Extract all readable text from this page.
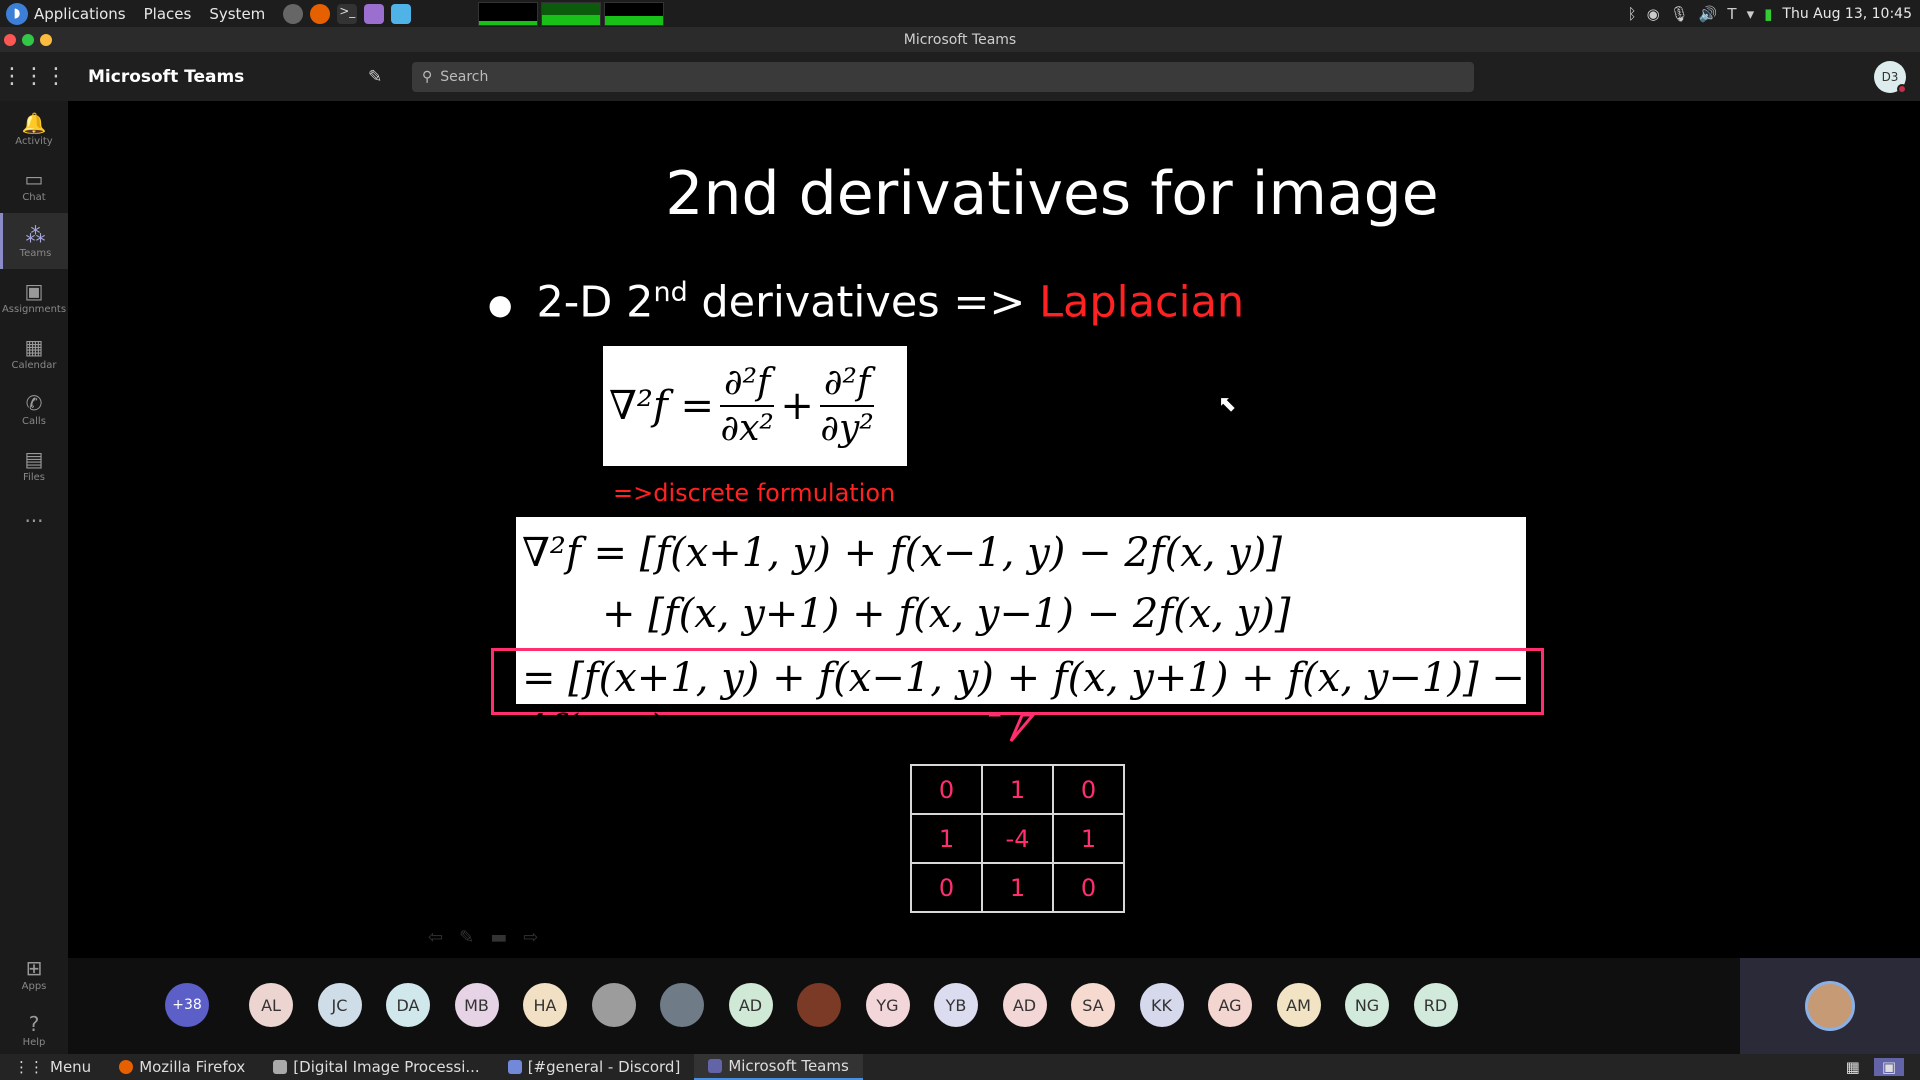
◗ Applications Places System	>_	ᛒ ◉ 🎙 🔊 T ▾ ▮ Thu Aug 13, 10:45
Microsoft Teams
⋮⋮⋮	Microsoft Teams	✎	⚲ Search	D3
🔔
Activity
▭
Chat
⁂
Teams
▣
Assignments
▦
Calendar
✆
Calls
▤
Files
···
⊞
Apps
?
Help
2nd derivatives for image
● 2-D 2nd derivatives => Laplacian
$\nabla^2f = \frac{\text{∂²f}}{\text{∂x²}} + \frac{\text{∂²f}}{\text{∂y²}}$
=>discrete formulation
∇²f = [f(x+1, y) + f(x−1, y) − 2f(x, y)]
+ [f(x, y+1) + f(x, y−1) − 2f(x, y)]
= [f(x+1, y) + f(x−1, y) + f(x, y+1) + f(x, y−1)] − 4f(x, y)
0	1	0
1	-4	1
0	1	0
⇦ ✎ ▬ ⇨
⬉
+38	AL	JC	DA	MB	HA	AD	YG	YB	AD	SA	KK	AG	AM	NG	RD
⋮⋮ Menu	Mozilla Firefox	[Digital Image Processi...	[#general - Discord]	Microsoft Teams	▦	▣
